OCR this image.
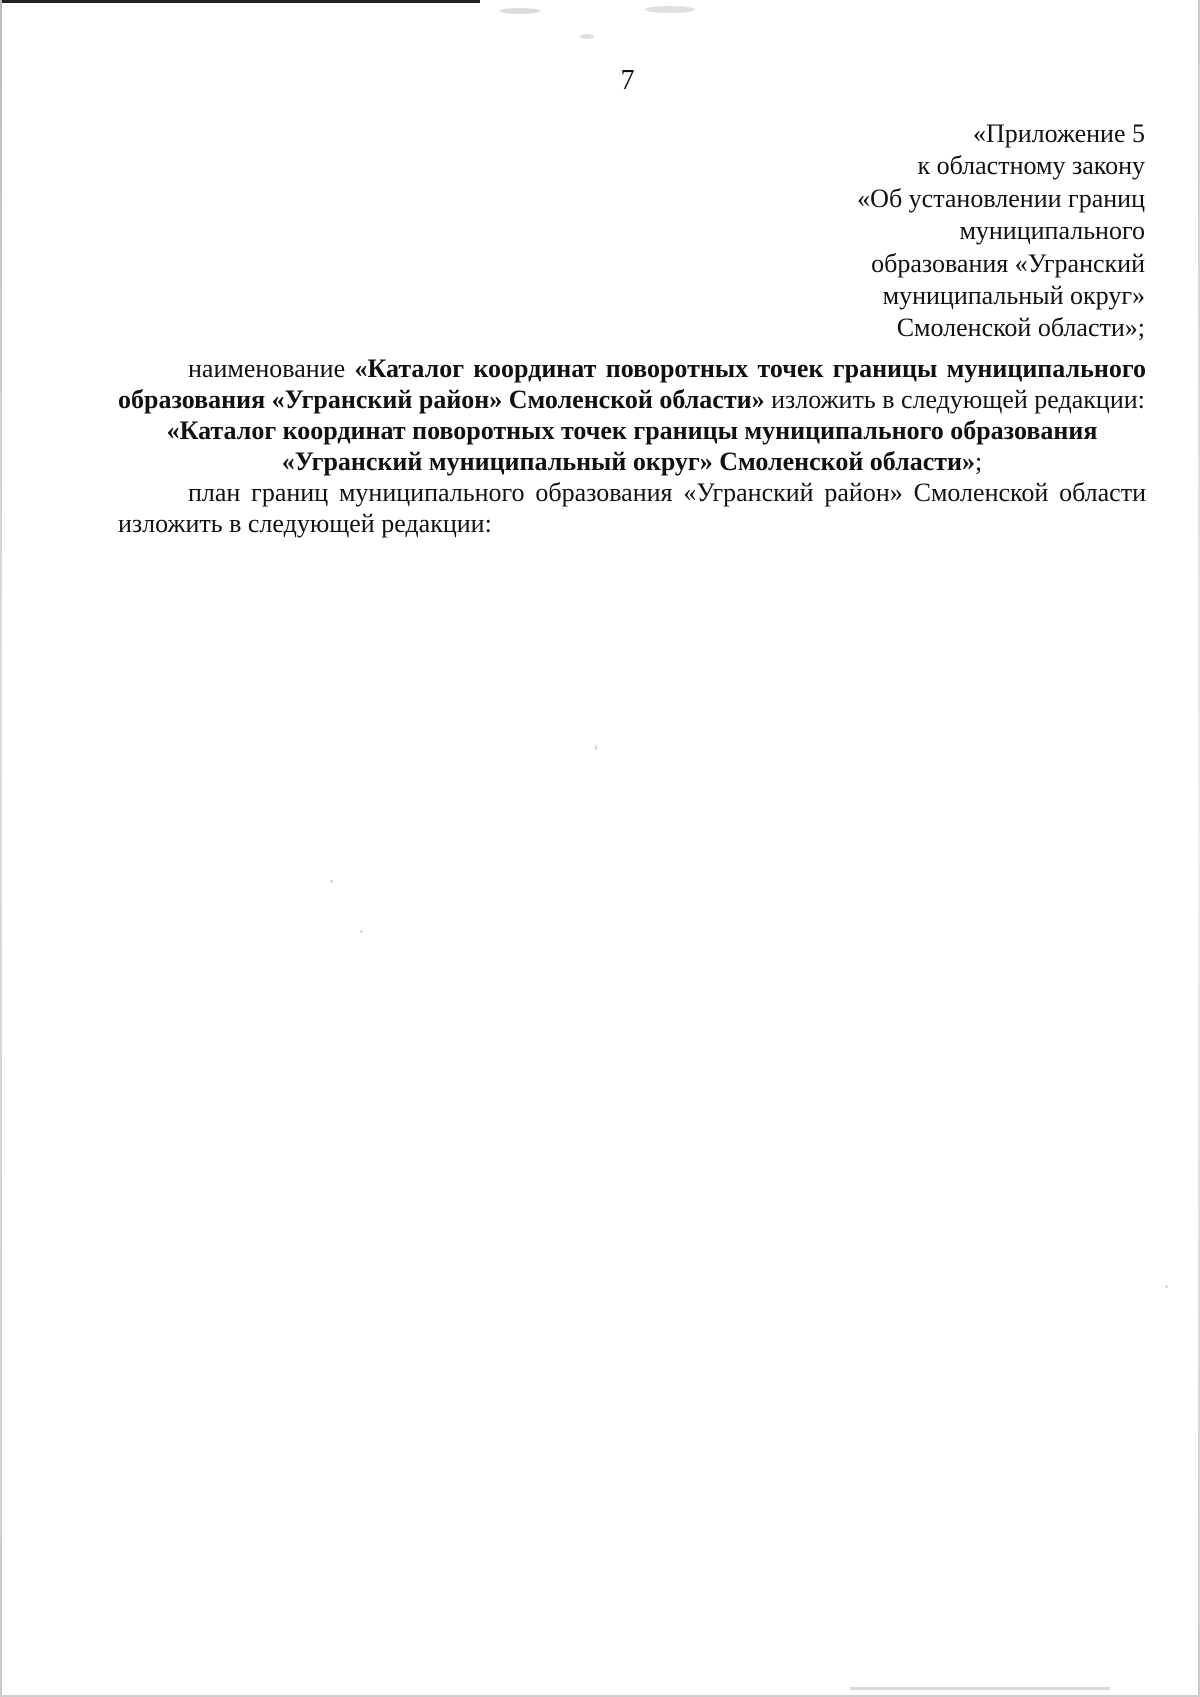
7
«Приложение 5
к областному закону
«Об установлении границ
муниципального
образования «Угранский
муниципальный округ»
Смоленской области»;

наименование «Каталог координат поворотных точек границы муниципального образования «Угранский район» Смоленской области» изложить в следующей редакции:

«Каталог координат поворотных точек границы муниципального образования «Угранский муниципальный округ» Смоленской области»;

план границ муниципального образования «Угранский район» Смоленской области изложить в следующей редакции:
